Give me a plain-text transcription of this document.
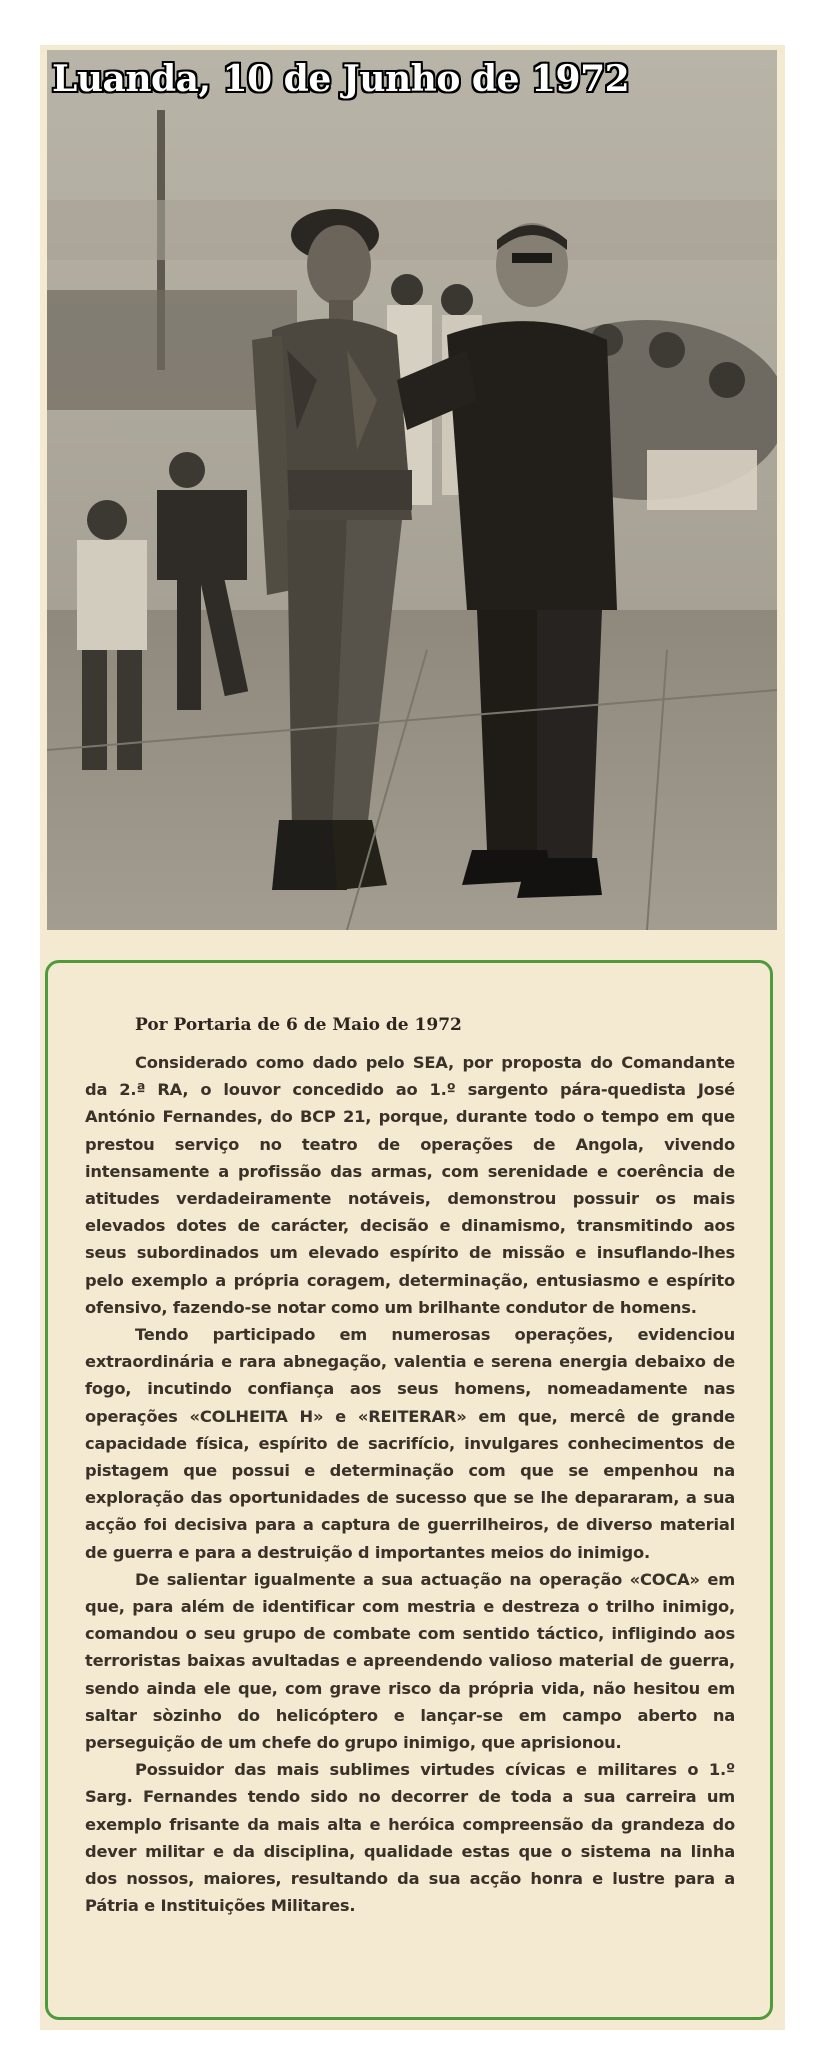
Luanda, 10 de Junho de 1972
Por Portaria de 6 de Maio de 1972

Considerado como dado pelo SEA, por proposta do Comandante da 2.ª RA, o louvor concedido ao 1.º sargento pára-quedista José António Fernandes, do BCP 21, porque, durante todo o tempo em que prestou serviço no teatro de operações de Angola, vivendo intensamente a profissão das armas, com serenidade e coerência de atitudes verdadeiramente notáveis, demonstrou possuir os mais elevados dotes de carácter, decisão e dinamismo, transmitindo aos seus subordinados um elevado espírito de missão e insuflando-lhes pelo exemplo a própria coragem, determinação, entusiasmo e espírito ofensivo, fazendo-se notar como um brilhante condutor de homens.

Tendo participado em numerosas operações, evidenciou extraordinária e rara abnegação, valentia e serena energia debaixo de fogo, incutindo confiança aos seus homens, nomeadamente nas operações «COLHEITA H» e «REITERAR» em que, mercê de grande capacidade física, espírito de sacrifício, invulgares conhecimentos de pistagem que possui e determinação com que se empenhou na exploração das oportunidades de sucesso que se lhe depararam, a sua acção foi decisiva para a captura de guerrilheiros, de diverso material de guerra e para a destruição d importantes meios do inimigo.

De salientar igualmente a sua actuação na operação «COCA» em que, para além de identificar com mestria e destreza o trilho inimigo, comandou o seu grupo de combate com sentido táctico, infligindo aos terroristas baixas avultadas e apreendendo valioso material de guerra, sendo ainda ele que, com grave risco da própria vida, não hesitou em saltar sòzinho do helicóptero e lançar-se em campo aberto na perseguição de um chefe do grupo inimigo, que aprisionou.

Possuidor das mais sublimes virtudes cívicas e militares o 1.º Sarg. Fernandes tendo sido no decorrer de toda a sua carreira um exemplo frisante da mais alta e heróica compreensão da grandeza do dever militar e da disciplina, qualidade estas que o sistema na linha dos nossos, maiores, resultando da sua acção honra e lustre para a Pátria e Instituições Militares.
